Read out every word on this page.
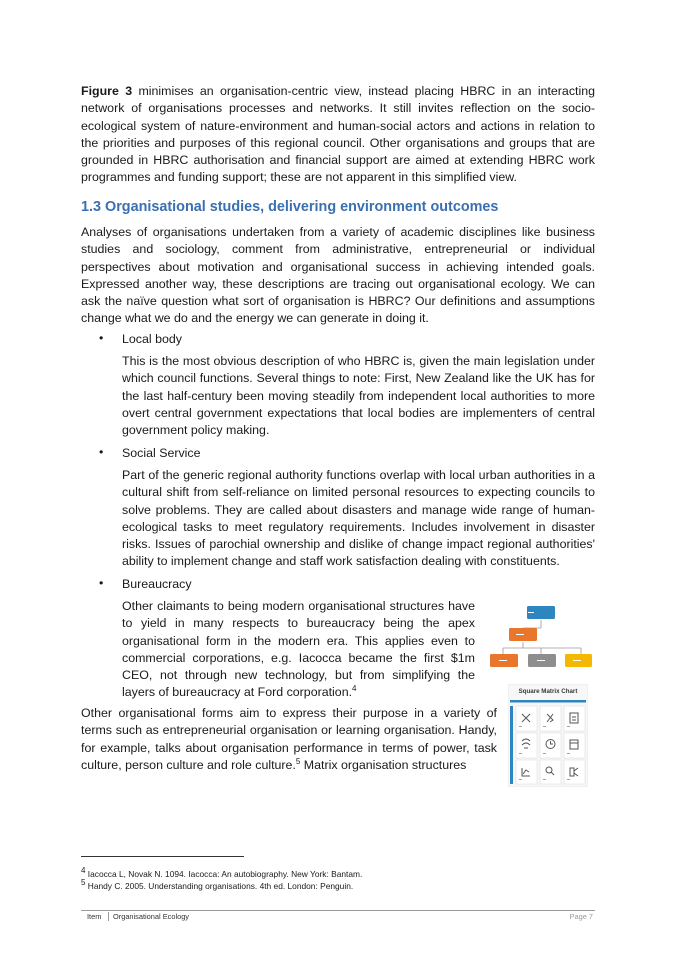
Figure 3 minimises an organisation-centric view, instead placing HBRC in an interacting network of organisations processes and networks. It still invites reflection on the socio-ecological system of nature-environment and human-social actors and actions in relation to the priorities and purposes of this regional council. Other organisations and groups that are grounded in HBRC authorisation and financial support are aimed at extending HBRC work programmes and funding support; these are not apparent in this simplified view.

1.3 Organisational studies, delivering environment outcomes

Analyses of organisations undertaken from a variety of academic disciplines like business studies and sociology, comment from administrative, entrepreneurial or individual perspectives about motivation and organisational success in achieving intended goals. Expressed another way, these descriptions are tracing out organisational ecology. We can ask the naïve question what sort of organisation is HBRC? Our definitions and assumptions change what we do and the energy we can generate in doing it.

• Local body

This is the most obvious description of who HBRC is, given the main legislation under which council functions. Several things to note: First, New Zealand like the UK has for the last half-century been moving steadily from independent local authorities to more overt central government expectations that local bodies are implementers of central government policy making.

• Social Service

Part of the generic regional authority functions overlap with local urban authorities in a cultural shift from self-reliance on limited personal resources to expecting councils to solve problems. They are called about disasters and manage wide range of human-ecological tasks to meet regulatory requirements. Includes involvement in disaster risks. Issues of parochial ownership and dislike of change impact regional authorities' ability to implement change and staff work satisfaction dealing with constituents.

• Bureaucracy

Other claimants to being modern organisational structures have to yield in many respects to bureaucracy being the apex organisational form in the modern era. This applies even to commercial corporations, e.g. Iacocca became the first $1m CEO, not through new technology, but from simplifying the layers of bureaucracy at Ford corporation.$^4$

Other organisational forms aim to express their purpose in a variety of terms such as entrepreneurial organisation or learning organisation. Handy, for example, talks about organisation performance in terms of power, task culture, person culture and role culture.$^5$ Matrix organisation structures

Square Matrix Chart
$^4$ Iacocca L, Novak N. 1094. Iacocca: An autobiography. New York: Bantam.
$^5$ Handy C. 2005. Understanding organisations. 4th ed. London: Penguin.
Item	Organisational Ecology	Page 7
